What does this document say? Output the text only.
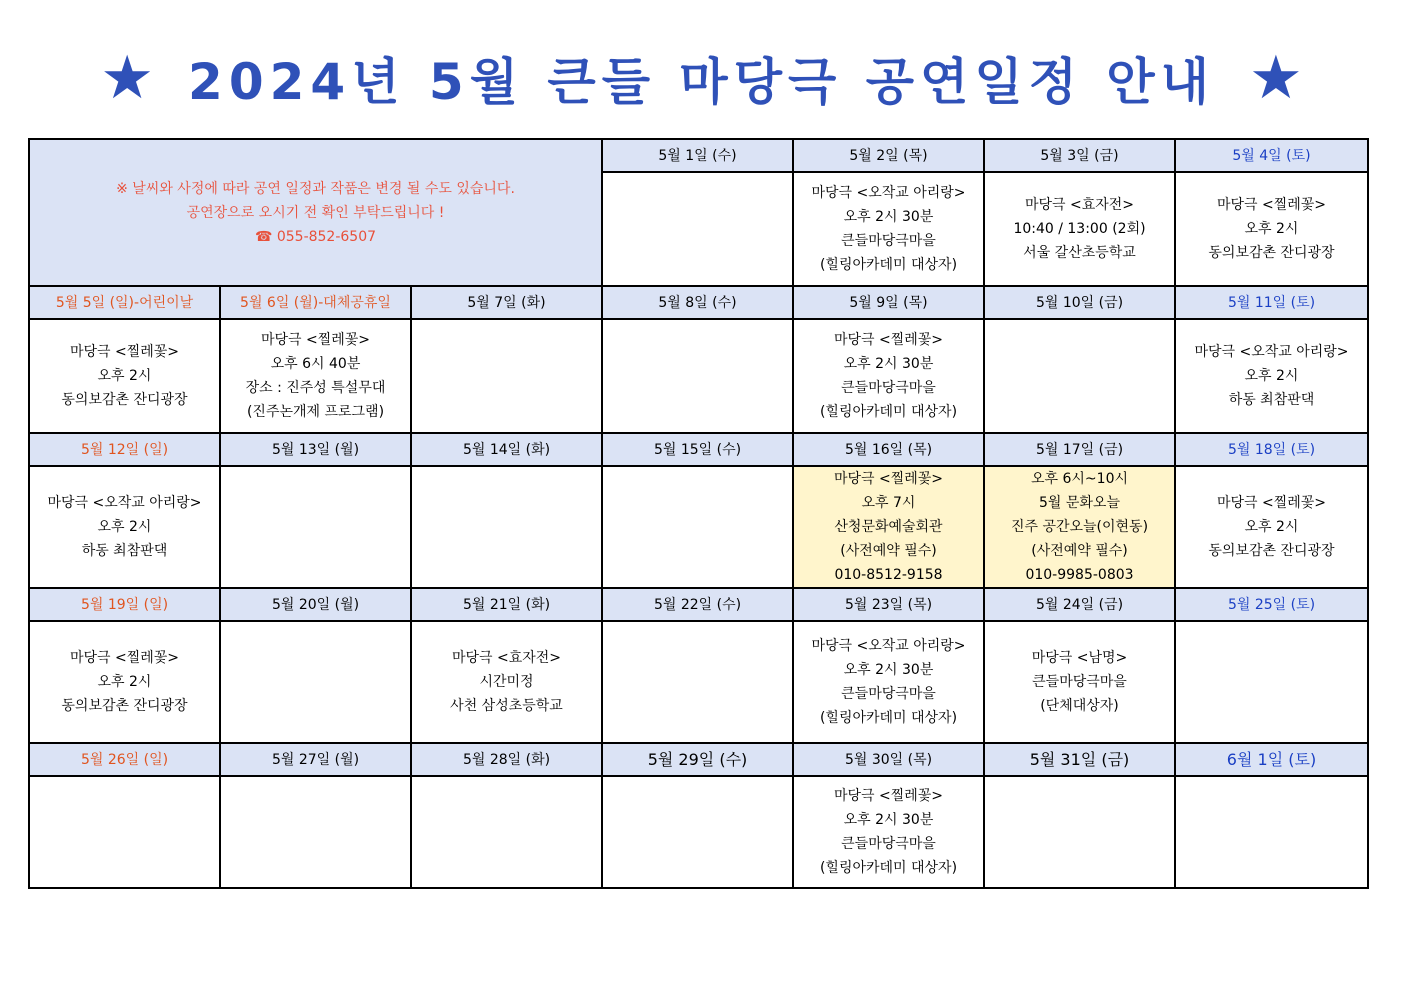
★ 2024년 5월 큰들 마당극 공연일정 안내 ★
※ 날씨와 사정에 따라 공연 일정과 작품은 변경 될 수도 있습니다.
공연장으로 오시기 전 확인 부탁드립니다 !
☎ 055-852-6507			5월 1일 (수)	5월 2일 (목)	5월 3일 (금)	5월 4일 (토)
				마당극 <오작교 아리랑>
오후 2시 30분
큰들마당극마을
(힐링아카데미 대상자)	마당극 <효자전>
10:40 / 13:00 (2회)
서울 갈산초등학교	마당극 <찔레꽃>
오후 2시
동의보감촌 잔디광장
5월 5일 (일)-어린이날	5월 6일 (월)-대체공휴일	5월 7일 (화)	5월 8일 (수)	5월 9일 (목)	5월 10일 (금)	5월 11일 (토)
마당극 <찔레꽃>
오후 2시
동의보감촌 잔디광장	마당극 <찔레꽃>
오후 6시 40분
장소 : 진주성 특설무대
(진주논개제 프로그램)			마당극 <찔레꽃>
오후 2시 30분
큰들마당극마을
(힐링아카데미 대상자)		마당극 <오작교 아리랑>
오후 2시
하동 최참판댁
5월 12일 (일)	5월 13일 (월)	5월 14일 (화)	5월 15일 (수)	5월 16일 (목)	5월 17일 (금)	5월 18일 (토)
마당극 <오작교 아리랑>
오후 2시
하동 최참판댁				마당극 <찔레꽃>
오후 7시
산청문화예술회관
(사전예약 필수)
010-8512-9158	오후 6시~10시
5월 문화오늘
진주 공간오늘(이현동)
(사전예약 필수)
010-9985-0803	마당극 <찔레꽃>
오후 2시
동의보감촌 잔디광장
5월 19일 (일)	5월 20일 (월)	5월 21일 (화)	5월 22일 (수)	5월 23일 (목)	5월 24일 (금)	5월 25일 (토)
마당극 <찔레꽃>
오후 2시
동의보감촌 잔디광장		마당극 <효자전>
시간미정
사천 삼성초등학교		마당극 <오작교 아리랑>
오후 2시 30분
큰들마당극마을
(힐링아카데미 대상자)	마당극 <남명>
큰들마당극마을
(단체대상자)	
5월 26일 (일)	5월 27일 (월)	5월 28일 (화)	5월 29일 (수)	5월 30일 (목)	5월 31일 (금)	6월 1일 (토)
				마당극 <찔레꽃>
오후 2시 30분
큰들마당극마을
(힐링아카데미 대상자)		
